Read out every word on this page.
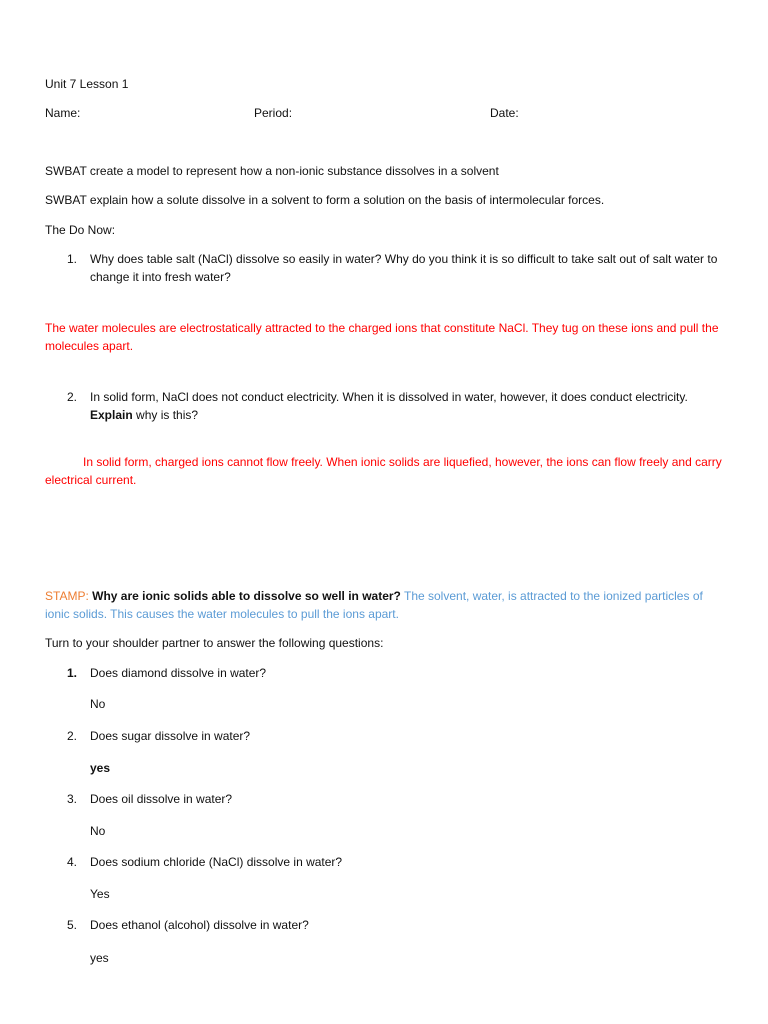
Unit 7 Lesson 1
Name:	Period:	Date:
SWBAT create a model to represent how a non-ionic substance dissolves in a solvent
SWBAT explain how a solute dissolve in a solvent to form a solution on the basis of intermolecular forces.
The Do Now:
1. Why does table salt (NaCl) dissolve so easily in water? Why do you think it is so difficult to take salt out of salt water to change it into fresh water?
The water molecules are electrostatically attracted to the charged ions that constitute NaCl. They tug on these ions and pull the molecules apart.
2. In solid form, NaCl does not conduct electricity. When it is dissolved in water, however, it does conduct electricity. Explain why is this?
In solid form, charged ions cannot flow freely. When ionic solids are liquefied, however, the ions can flow freely and carry electrical current.
STAMP: Why are ionic solids able to dissolve so well in water? The solvent, water, is attracted to the ionized particles of ionic solids. This causes the water molecules to pull the ions apart.
Turn to your shoulder partner to answer the following questions:
1. Does diamond dissolve in water?
No
2. Does sugar dissolve in water?
yes
3. Does oil dissolve in water?
No
4. Does sodium chloride (NaCl) dissolve in water?
Yes
5. Does ethanol (alcohol) dissolve in water?
yes
